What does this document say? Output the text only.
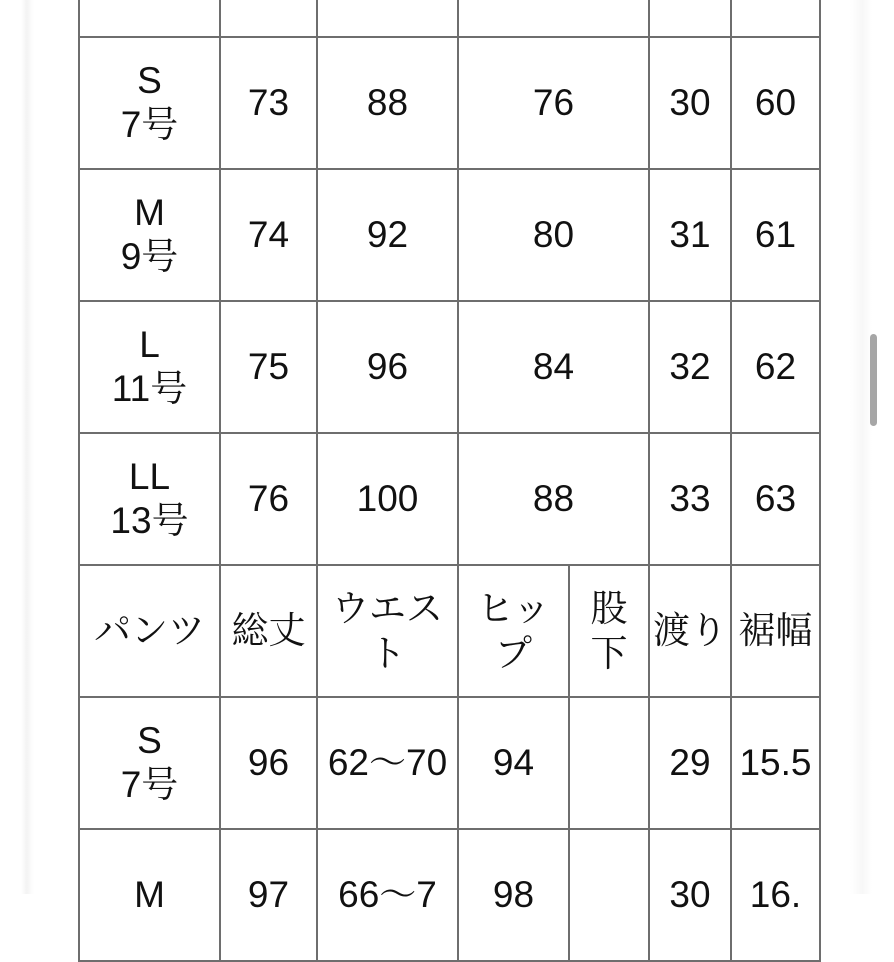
S
7号	73	88	76		30	60

M
9号	74	92	80		31	61

L
11号	75	96	84		32	62

LL
13号	76	100	88		33	63
パンツ	総丈	ウエスト	ヒップ	股下	渡り	裾幅

S
7号	96	62〜70	94		29	15.5

M	97	66〜7	98		30	16.
